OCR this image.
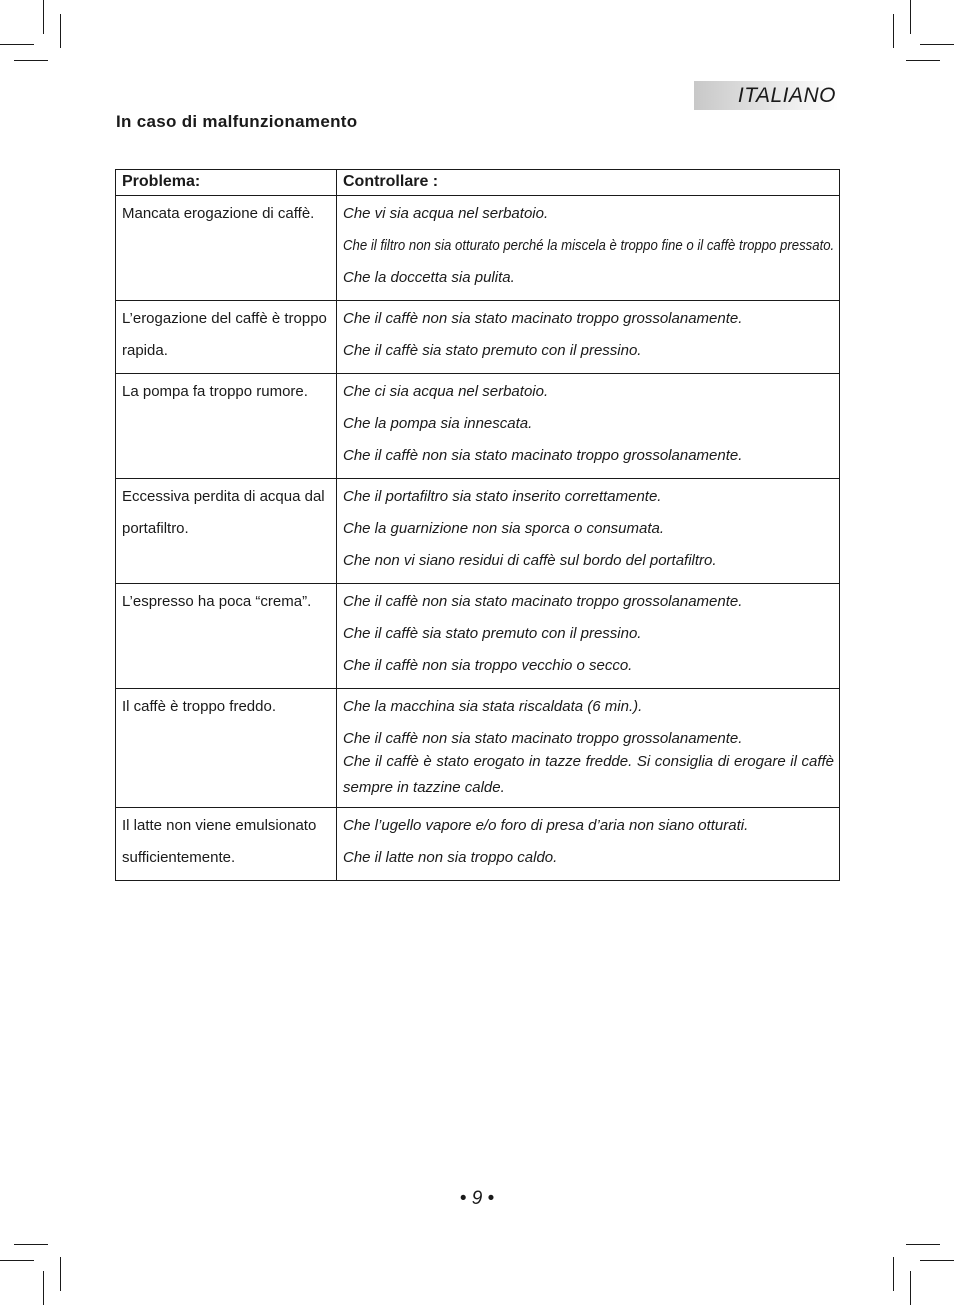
ITALIANO
In caso di malfunzionamento
Problema:	Controllare :

Mancata erogazione di caffè.	Che vi sia acqua nel serbatoio.
Che il filtro non sia otturato perché la miscela è troppo fine o il caffè troppo pressato.
Che la doccetta sia pulita.

L’erogazione del caffè è troppo rapida.	Che il caffè non sia stato macinato troppo grossolanamente.
Che il caffè sia stato premuto con il pressino.

La pompa fa troppo rumore.	Che ci sia acqua nel serbatoio.
Che la pompa sia innescata.
Che il caffè non sia stato macinato troppo grossolanamente.

Eccessiva perdita di acqua dal portafiltro.	Che il portafiltro sia stato inserito correttamente.
Che la guarnizione non sia sporca o consumata.
Che non vi siano residui di caffè sul bordo del portafiltro.

L’espresso ha poca “crema”.	Che il caffè non sia stato macinato troppo grossolanamente.
Che il caffè sia stato premuto con il pressino.
Che il caffè non sia troppo vecchio o secco.

Il caffè è troppo freddo.	Che la macchina sia stata riscaldata (6 min.).
Che il caffè non sia stato macinato troppo grossolanamente.
Che il caffè è stato erogato in tazze fredde. Si consiglia di erogare il caffè sempre in tazzine calde.

Il latte non viene emulsionato sufficientemente.	Che l’ugello vapore e/o foro di presa d’aria non siano otturati.
Che il latte non sia troppo caldo.
• 9 •
